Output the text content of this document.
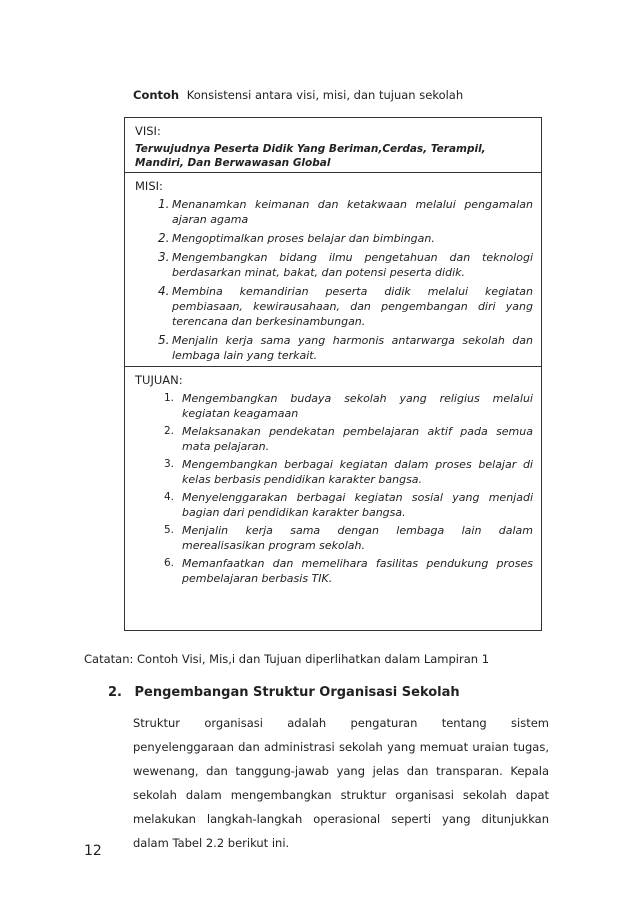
Contoh Konsistensi antara visi, misi, dan tujuan sekolah
VISI:
Terwujudnya Peserta Didik Yang Beriman,Cerdas, Terampil, Mandiri, Dan Berwawasan Global
MISI:
1. Menanamkan keimanan dan ketakwaan melalui pengamalan ajaran agama
2. Mengoptimalkan proses belajar dan bimbingan.
3. Mengembangkan bidang ilmu pengetahuan dan teknologi berdasarkan minat, bakat, dan potensi peserta didik.
4. Membina kemandirian peserta didik melalui kegiatan pembiasaan, kewirausahaan, dan pengembangan diri yang terencana dan berkesinambungan.
5. Menjalin kerja sama yang harmonis antarwarga sekolah dan lembaga lain yang terkait.
TUJUAN:
1. Mengembangkan budaya sekolah yang religius melalui kegiatan keagamaan
2. Melaksanakan pendekatan pembelajaran aktif pada semua mata pelajaran.
3. Mengembangkan berbagai kegiatan dalam proses belajar di kelas berbasis pendidikan karakter bangsa.
4. Menyelenggarakan berbagai kegiatan sosial yang menjadi bagian dari pendidikan karakter bangsa.
5. Menjalin kerja sama dengan lembaga lain dalam merealisasikan program sekolah.
6. Memanfaatkan dan memelihara fasilitas pendukung proses pembelajaran berbasis TIK.
Catatan: Contoh Visi, Mis,i dan Tujuan diperlihatkan dalam Lampiran 1
2. Pengembangan Struktur Organisasi Sekolah
Struktur organisasi adalah pengaturan tentang sistem penyelenggaraan dan administrasi sekolah yang memuat uraian tugas, wewenang, dan tanggung-jawab yang jelas dan transparan. Kepala sekolah dalam mengembangkan struktur organisasi sekolah dapat melakukan langkah-langkah operasional seperti yang ditunjukkan dalam Tabel 2.2 berikut ini.
12
